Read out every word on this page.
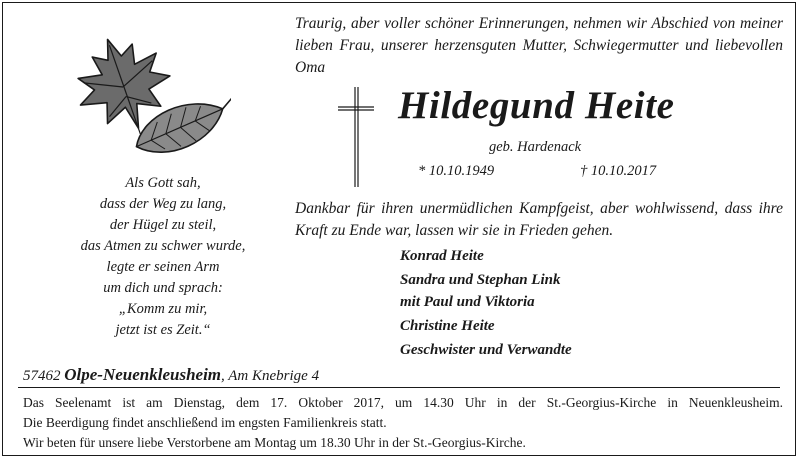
Als Gott sah,
dass der Weg zu lang,
der Hügel zu steil,
das Atmen zu schwer wurde,
legte er seinen Arm
um dich und sprach:
„Komm zu mir,
jetzt ist es Zeit.“
Traurig, aber voller schöner Erinnerungen, nehmen wir Abschied von meiner lieben Frau, unserer herzensguten Mutter, Schwiegermutter und liebevollen Oma
Hildegund Heite
geb. Hardenack
* 10.10.1949	† 10.10.2017
Dankbar für ihren unermüdlichen Kampfgeist, aber wohlwissend, dass ihre Kraft zu Ende war, lassen wir sie in Frieden gehen.
Konrad Heite
Sandra und Stephan Link
mit Paul und Viktoria
Christine Heite
Geschwister und Verwandte
57462 Olpe-Neuenkleusheim, Am Knebrige 4
Das Seelenamt ist am Dienstag, dem 17. Oktober 2017, um 14.30 Uhr in der St.-Georgius-Kirche in Neuenkleusheim.
Die Beerdigung findet anschließend im engsten Familienkreis statt.
Wir beten für unsere liebe Verstorbene am Montag um 18.30 Uhr in der St.-Georgius-Kirche.
